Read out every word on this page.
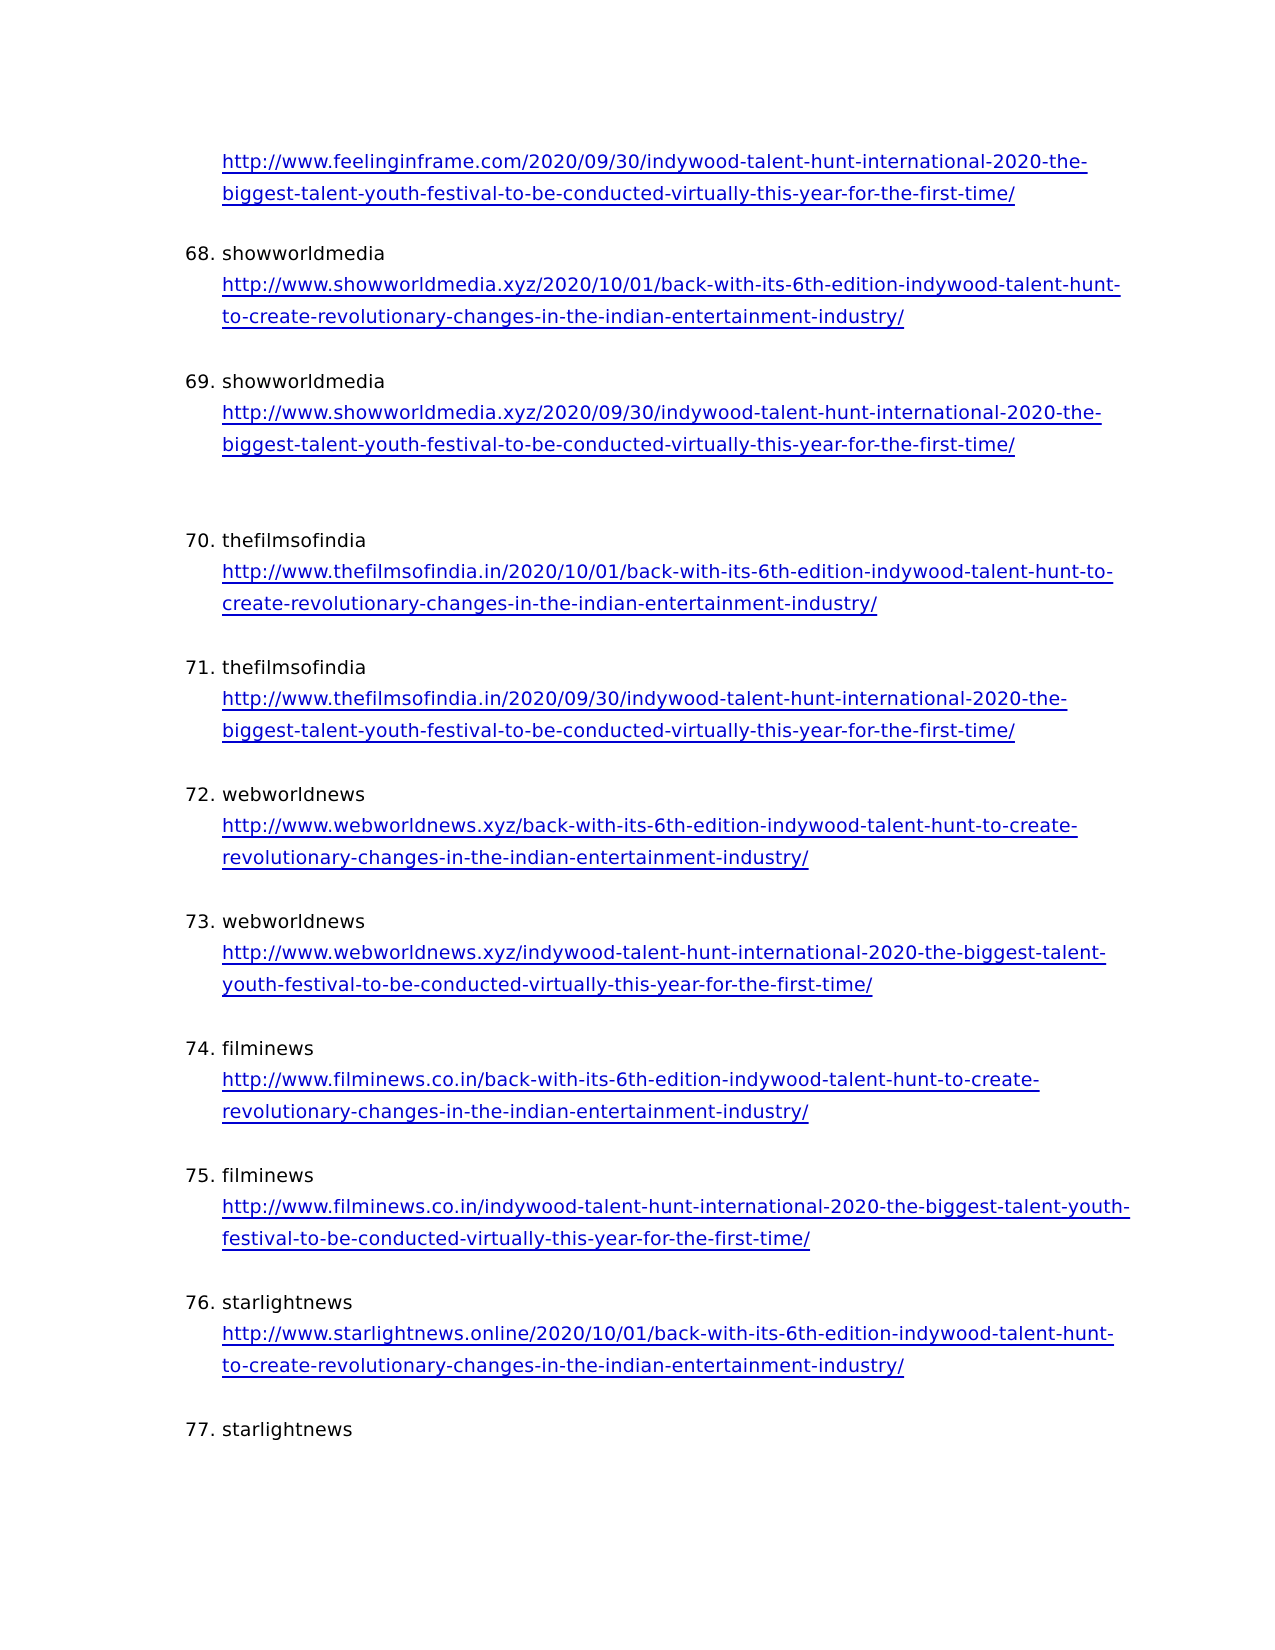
http://www.feelinginframe.com/2020/09/30/indywood-talent-hunt-international-2020-the-
biggest-talent-youth-festival-to-be-conducted-virtually-this-year-for-the-first-time/
68. showworldmedia
http://www.showworldmedia.xyz/2020/10/01/back-with-its-6th-edition-indywood-talent-hunt-
to-create-revolutionary-changes-in-the-indian-entertainment-industry/
69. showworldmedia
http://www.showworldmedia.xyz/2020/09/30/indywood-talent-hunt-international-2020-the-
biggest-talent-youth-festival-to-be-conducted-virtually-this-year-for-the-first-time/
70. thefilmsofindia
http://www.thefilmsofindia.in/2020/10/01/back-with-its-6th-edition-indywood-talent-hunt-to-
create-revolutionary-changes-in-the-indian-entertainment-industry/
71. thefilmsofindia
http://www.thefilmsofindia.in/2020/09/30/indywood-talent-hunt-international-2020-the-
biggest-talent-youth-festival-to-be-conducted-virtually-this-year-for-the-first-time/
72. webworldnews
http://www.webworldnews.xyz/back-with-its-6th-edition-indywood-talent-hunt-to-create-
revolutionary-changes-in-the-indian-entertainment-industry/
73. webworldnews
http://www.webworldnews.xyz/indywood-talent-hunt-international-2020-the-biggest-talent-
youth-festival-to-be-conducted-virtually-this-year-for-the-first-time/
74. filminews
http://www.filminews.co.in/back-with-its-6th-edition-indywood-talent-hunt-to-create-
revolutionary-changes-in-the-indian-entertainment-industry/
75. filminews
http://www.filminews.co.in/indywood-talent-hunt-international-2020-the-biggest-talent-youth-
festival-to-be-conducted-virtually-this-year-for-the-first-time/
76. starlightnews
http://www.starlightnews.online/2020/10/01/back-with-its-6th-edition-indywood-talent-hunt-
to-create-revolutionary-changes-in-the-indian-entertainment-industry/
77. starlightnews
